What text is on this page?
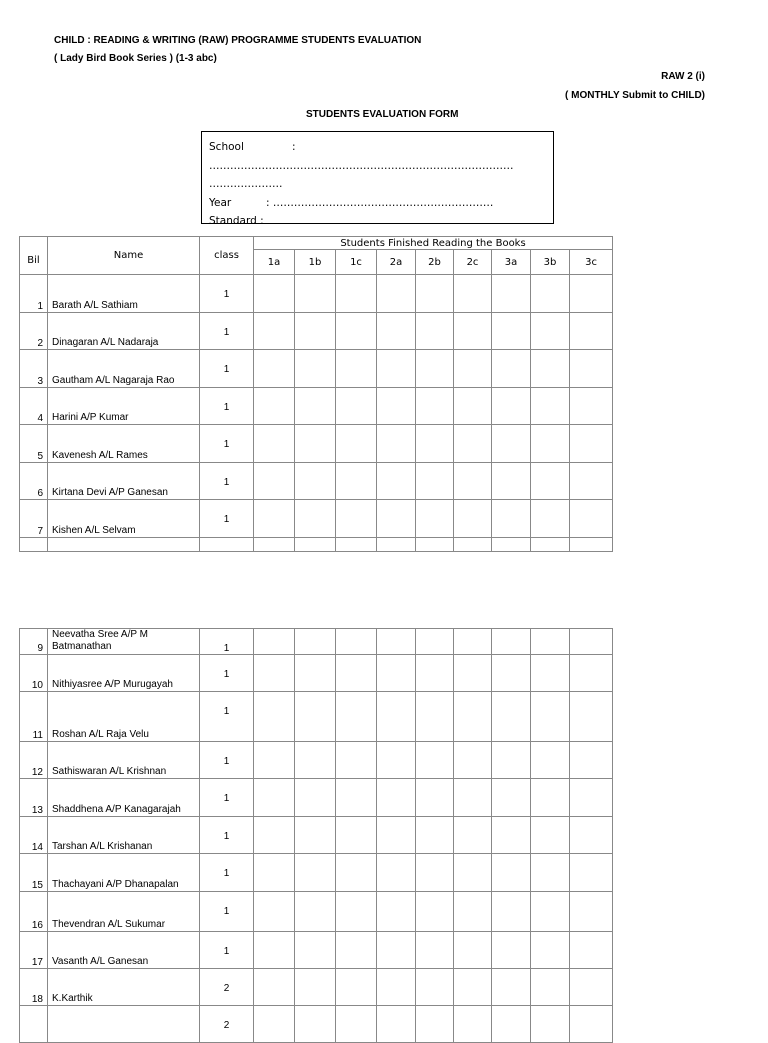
CHILD : READING & WRITING (RAW) PROGRAMME STUDENTS EVALUATION
( Lady Bird Book Series ) (1-3 abc)
RAW 2 (i)
( MONTHLY Submit to CHILD)
STUDENTS EVALUATION FORM
School	:
……………………………………………………………………………
…………………
Year	: ………………………………………………………
Standard :
Bil	Name		Students Finished Reading the Books								
		class	1a	1b	1c	2a	2b	2c	3a	3b	3c
1	Barath A/L Sathiam	1									
2	Dinagaran A/L Nadaraja	1									
3	Gautham A/L Nagaraja Rao	1									
4	Harini A/P Kumar	1									
5	Kavenesh A/L Rames	1									
6	Kirtana Devi A/P Ganesan	1									
7	Kishen A/L Selvam	1									

9	Neevatha Sree A/P M
Batmanathan	1									
10	Nithiyasree A/P Murugayah	1									
11	Roshan A/L Raja Velu	1									
12	Sathiswaran A/L Krishnan	1									
13	Shaddhena A/P Kanagarajah	1									
14	Tarshan A/L Krishanan	1									
15	Thachayani A/P Dhanapalan	1									
16	Thevendran A/L Sukumar	1									
17	Vasanth A/L Ganesan	1									
18	K.Karthik	2									
		2									
